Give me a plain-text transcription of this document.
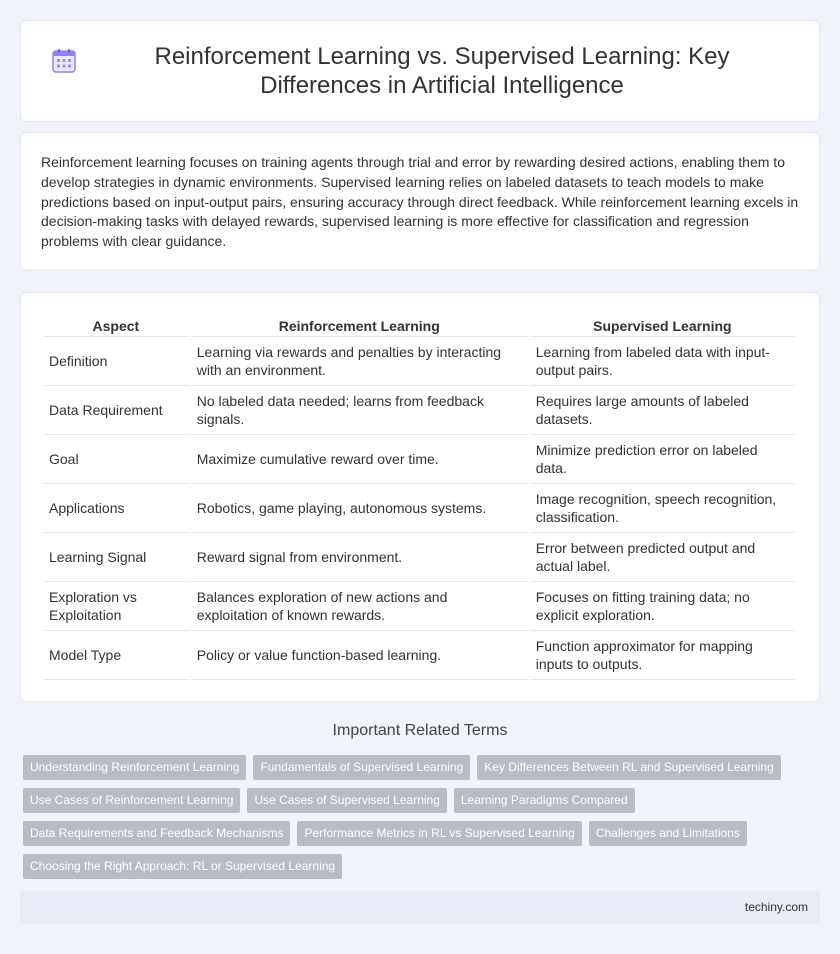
Reinforcement Learning vs. Supervised Learning: Key Differences in Artificial Intelligence

Reinforcement learning focuses on training agents through trial and error by rewarding desired actions, enabling them to develop strategies in dynamic environments. Supervised learning relies on labeled datasets to teach models to make predictions based on input-output pairs, ensuring accuracy through direct feedback. While reinforcement learning excels in decision-making tasks with delayed rewards, supervised learning is more effective for classification and regression problems with clear guidance.

Aspect	Reinforcement Learning	Supervised Learning
Definition	Learning via rewards and penalties by interacting with an environment.	Learning from labeled data with input-output pairs.
Data Requirement	No labeled data needed; learns from feedback signals.	Requires large amounts of labeled datasets.
Goal	Maximize cumulative reward over time.	Minimize prediction error on labeled data.
Applications	Robotics, game playing, autonomous systems.	Image recognition, speech recognition, classification.
Learning Signal	Reward signal from environment.	Error between predicted output and actual label.
Exploration vs Exploitation	Balances exploration of new actions and exploitation of known rewards.	Focuses on fitting training data; no explicit exploration.
Model Type	Policy or value function-based learning.	Function approximator for mapping inputs to outputs.
Important Related Terms
Understanding Reinforcement Learning	Fundamentals of Supervised Learning	Key Differences Between RL and Supervised Learning
Use Cases of Reinforcement Learning	Use Cases of Supervised Learning	Learning Paradigms Compared
Data Requirements and Feedback Mechanisms	Performance Metrics in RL vs Supervised Learning	Challenges and Limitations
Choosing the Right Approach: RL or Supervised Learning
techiny.com
